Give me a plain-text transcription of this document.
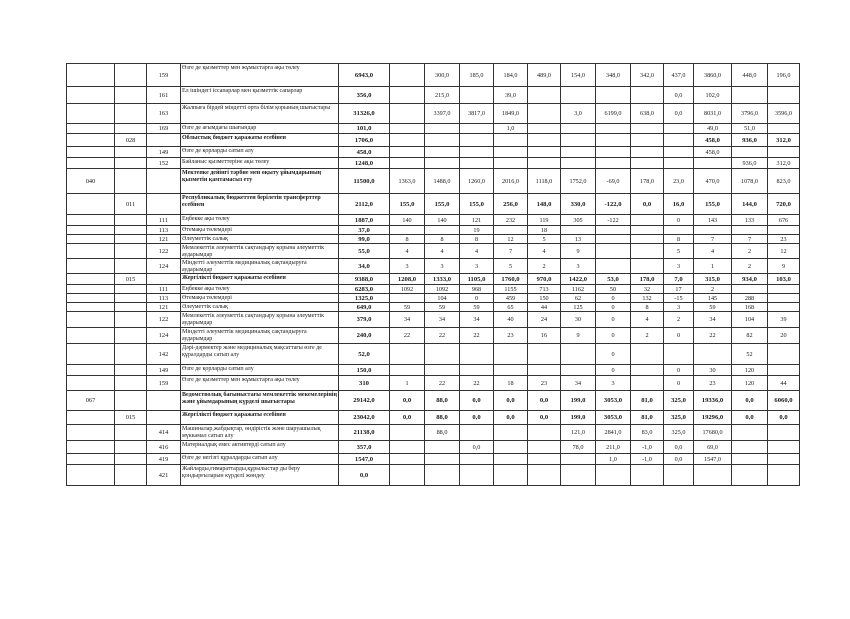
		159	Өзге де қызметтер мен жұмыстарға ақы төлеу	6943,0		300,0	185,0	184,0	489,0	154,0	348,0	342,0	437,0	3860,0	448,0	196,0
		161	Ел ішіндегі іссапарлар мен қызметтік сапарлар	356,0		215,0		39,0					0,0	102,0		
		163	Жалпыға бірдей міндетті орта білім қорының шығыстары	31326,0		3397,0	3817,0	1849,0		3,0	6199,0	638,0	0,0	8031,0	3796,0	3596,0
		169	Өзге де ағымдағы шығындар	101,0				1,0						49,0	51,0	
	028		Облыстық бюджет қаражаты есебінен	1706,0										458,0	936,0	312,0
		149	Өзге де қорларды сатып алу	458,0										458,0		
		152	Байланыс қызметтеріне ақы төлеу	1248,0											936,0	312,0
040			Мектепке дейінгі тәрбие мен оқыту ұйымдарының қызметін қамтамасыз ету	11500,0	1363,0	1488,0	1260,0	2016,0	1118,0	1752,0	-69,0	178,0	23,0	470,0	1078,0	823,0
	011		Республикалық бюджеттен берілетін трансферттер есебінен	2112,0	155,0	155,0	155,0	256,0	148,0	330,0	-122,0	0,0	16,0	155,0	144,0	720,0
		111	Еңбекке ақы төлеу	1887,0	140	140	121	232	119	305	-122		0	143	133	676
		113	Өтемақы төлемдері	37,0			19		18							
		121	Әлеуметтік салық	99,0	8	8	8	12	5	13			8	7	7	23
		122	Мемлекеттік әлеуметтік сақтандыру қорына әлеуметтік аударымдар	55,0	4	4	4	7	4	9			5	4	2	12
		124	Міндетті әлеуметтік медициналық сақтандыруға аударымдар	34,0	3	3	3	5	2	3			3	1	2	9
	015		Жергілікті бюджет қаражаты есебінен	9388,0	1208,0	1333,0	1105,0	1760,0	970,0	1422,0	53,0	178,0	7,0	315,0	934,0	103,0
		111	Еңбекке ақы төлеу	6283,0	1092	1092	968	1155	713	1162	50	32	17	2		
		113	Өтемақы төлемдері	1325,0		104	0	459	150	62	0	132	-15	145	288	
		121	Әлеуметтік салық	649,0	59	59	59	65	44	125	0	8	3	59	168	
		122	Мемлекеттік әлеуметтік сақтандыру қорына әлеуметтік аударымдар	379,0	34	34	34	40	24	30	0	4	2	34	104	39
		124	Міндетті әлеуметтік медициналық сақтандыруға аударымдар	240,0	22	22	22	23	16	9	0	2	0	22	82	20
		142	Дәрі-дәрмектер және медициналық мақсаттағы өзге де құралдарды сатып алу	52,0							0				52	
		149	Өзге де қорларды сатып алу	150,0							0		0	30	120	
		159	Өзге де қызметтер мен жұмыстарға ақы төлеу	310	1	22	22	18	23	34	3		0	23	120	44
067			Ведомстволық бағыныстағы мемлекеттік мекемелерінің және ұйымдарының күрделі шығыстары	29142,0	0,0	88,0	0,0	0,0	0,0	199,0	3053,0	81,0	325,0	19336,0	0,0	6060,0
	015		Жергілікті бюджет қаражаты есебінен	23042,0	0,0	88,0	0,0	0,0	0,0	199,0	3053,0	81,0	325,0	19296,0	0,0	0,0
		414	Машиналар,жабдықтар, өндірістік және шаруашылық мүккамал сатып алу	21138,0		88,0				121,0	2841,0	83,0	325,0	17680,0		
		416	Материалдық емес активтерді сатып алу	357,0			0,0			78,0	211,0	-1,0	0,0	69,0		
		419	Өзге де негізгі құралдарды сатып алу	1547,0							1,0	-1,0	0,0	1547,0		
		421	Жайларды,ғимараттарды,құрылыстар ды беру қондырғыларын күрделі жөндеу	0,0												
